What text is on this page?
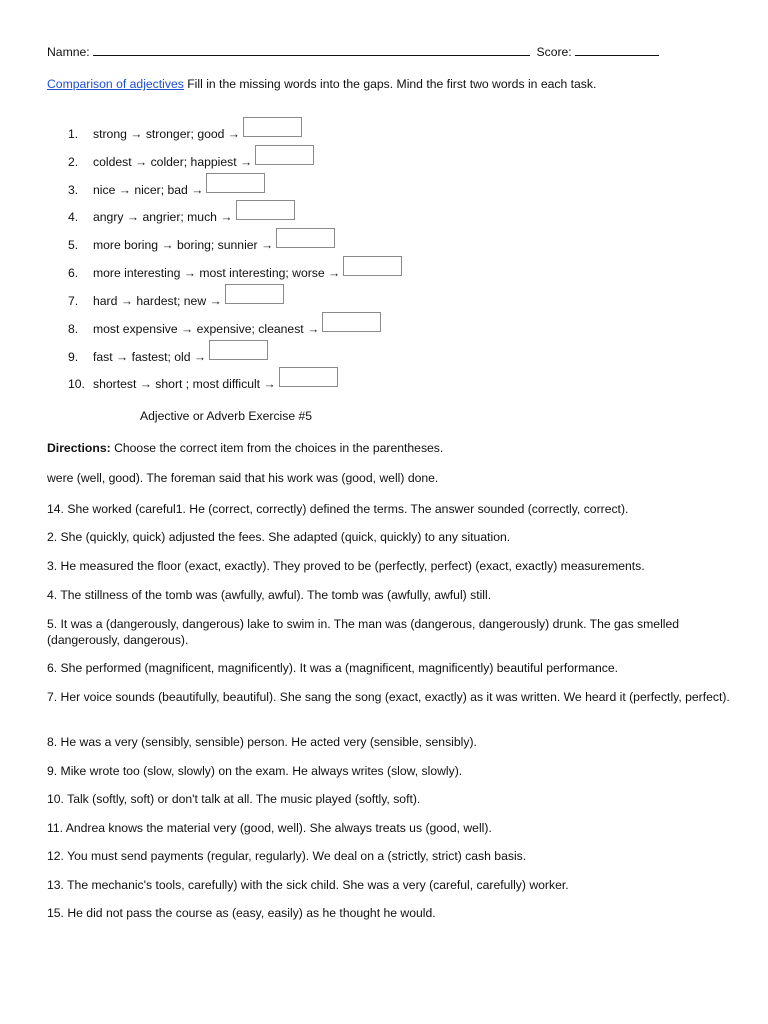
Namne:	Score:
Comparison of adjectives Fill in the missing words into the gaps. Mind the first two words in each task.
1.	strong → stronger; good →
2.	coldest → colder; happiest →
3.	nice → nicer; bad →
4.	angry → angrier; much →
5.	more boring → boring; sunnier →
6.	more interesting → most interesting; worse →
7.	hard → hardest; new →
8.	most expensive → expensive; cleanest →
9.	fast → fastest; old →
10. shortest → short ; most difficult →
Adjective or Adverb Exercise #5
Directions: Choose the correct item from the choices in the parentheses.
were (well, good). The foreman said that his work was (good, well) done.
14. She worked (careful1. He (correct, correctly) defined the terms. The answer sounded (correctly, correct).
2. She (quickly, quick) adjusted the fees. She adapted (quick, quickly) to any situation.
3. He measured the floor (exact, exactly). They proved to be (perfectly, perfect) (exact, exactly) measurements.
4. The stillness of the tomb was (awfully, awful). The tomb was (awfully, awful) still.
5. It was a (dangerously, dangerous) lake to swim in. The man was (dangerous, dangerously) drunk. The gas smelled (dangerously, dangerous).
6. She performed (magnificent, magnificently). It was a (magnificent, magnificently) beautiful performance.
7. Her voice sounds (beautifully, beautiful). She sang the song (exact, exactly) as it was written. We heard it (perfectly, perfect).
8. He was a very (sensibly, sensible) person. He acted very (sensible, sensibly).
9. Mike wrote too (slow, slowly) on the exam. He always writes (slow, slowly).
10. Talk (softly, soft) or don't talk at all. The music played (softly, soft).
11. Andrea knows the material very (good, well). She always treats us (good, well).
12. You must send payments (regular, regularly). We deal on a (strictly, strict) cash basis.
13. The mechanic's tools, carefully) with the sick child. She was a very (careful, carefully) worker.
15. He did not pass the course as (easy, easily) as he thought he would.
